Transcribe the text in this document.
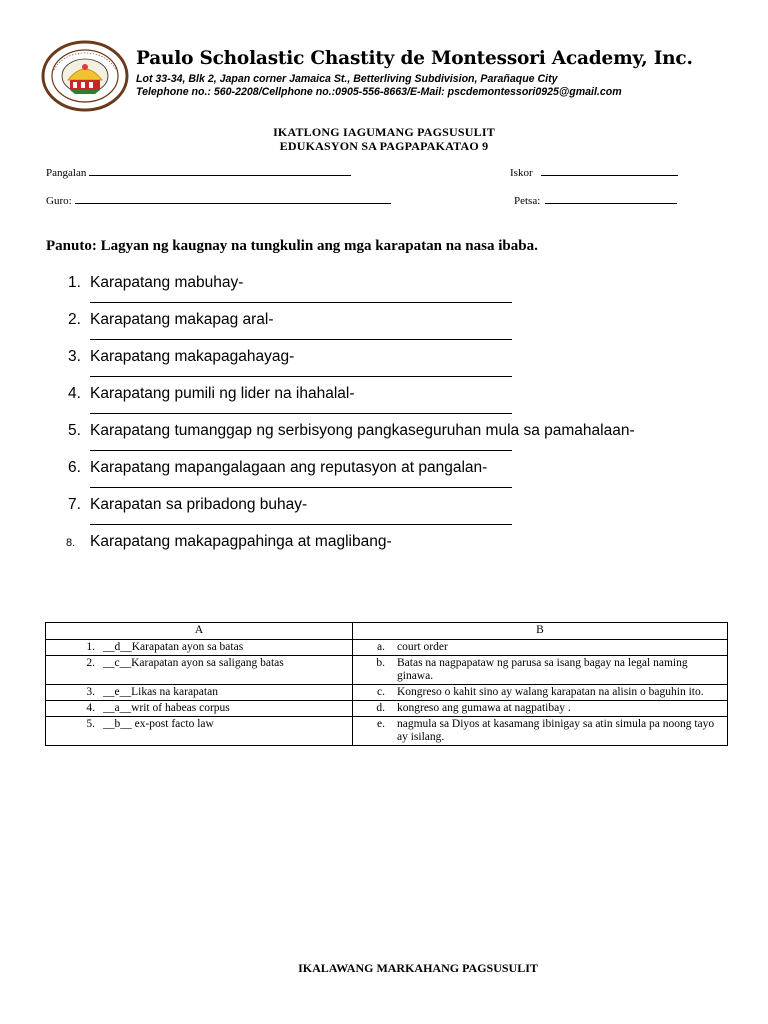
Paulo Scholastic Chastity de Montessori Academy, Inc.

Lot 33-34, Blk 2, Japan corner Jamaica St., Betterliving Subdivision, Parañaque City
Telephone no.: 560-2208/Cellphone no.:0905-556-8663/E-Mail: pscdemontessori0925@gmail.com
IKATLONG IAGUMANG PAGSUSULIT
EDUKASYON SA PAGPAPAKATAO 9
Pangalan	Iskor
Guro:	Petsa:
Panuto: Lagyan ng kaugnay na tungkulin ang mga karapatan na nasa ibaba.
1. Karapatang mabuhay-
2. Karapatang makapag aral-
3. Karapatang makapagahayag-
4. Karapatang pumili ng lider na ihahalal-
5. Karapatang tumanggap ng serbisyong pangkaseguruhan mula sa pamahalaan-
6. Karapatang mapangalagaan ang reputasyon at pangalan-
7. Karapatan sa pribadong buhay-
8. Karapatang makapagpahinga at maglibang-
A	B

1. __d__Karapatan ayon sa batas	a. court order

2. __c__Karapatan ayon sa saligang batas	b. Batas na nagpapataw ng parusa sa isang bagay na legal naming ginawa.

3. __e__Likas na karapatan	c. Kongreso o kahit sino ay walang karapatan na alisin o baguhin ito.

4. __a__writ of habeas corpus	d. kongreso ang gumawa at nagpatibay .

5. __b__ ex-post facto law	e. nagmula sa Diyos at kasamang ibinigay sa atin simula pa noong tayo ay isilang.
IKALAWANG MARKAHANG PAGSUSULIT
